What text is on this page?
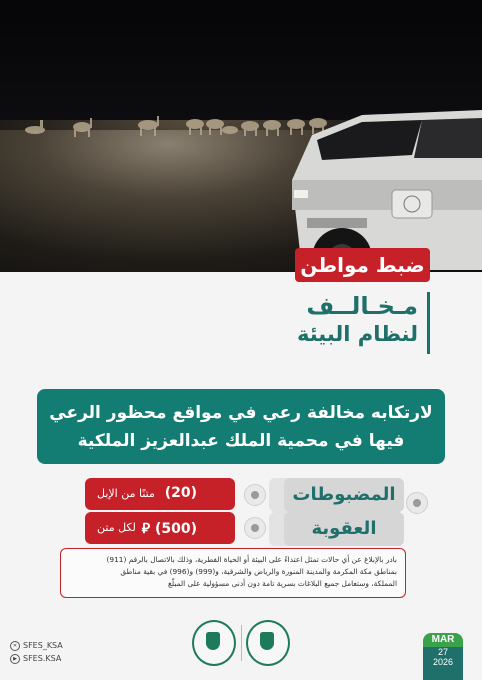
ضبط مواطن
مـخـالــف
لنظام البيئة
لارتكابه مخالفة رعي في مواقع محظور الرعي
فيها في محمية الملك عبدالعزيز الملكية
المضبوطات
(20)
متنًا من الإبل
العقوبة
(500) ⃁
لكل متن
بادر بالإبلاغ عن أي حالات تمثل اعتداءً على البيئة أو الحياة الفطرية، وذلك بالاتصال بالرقم (911)
بمناطق مكة المكرمة والمدينة المنورة والرياض والشرقية، و(999) و(996) في بقية مناطق
المملكة، وستعامل جميع البلاغات بسرية تامة دون أدنى مسؤولية على المبلّغ
✕ SFES_KSA
▶ SFES.KSA
MAR
27
2026
